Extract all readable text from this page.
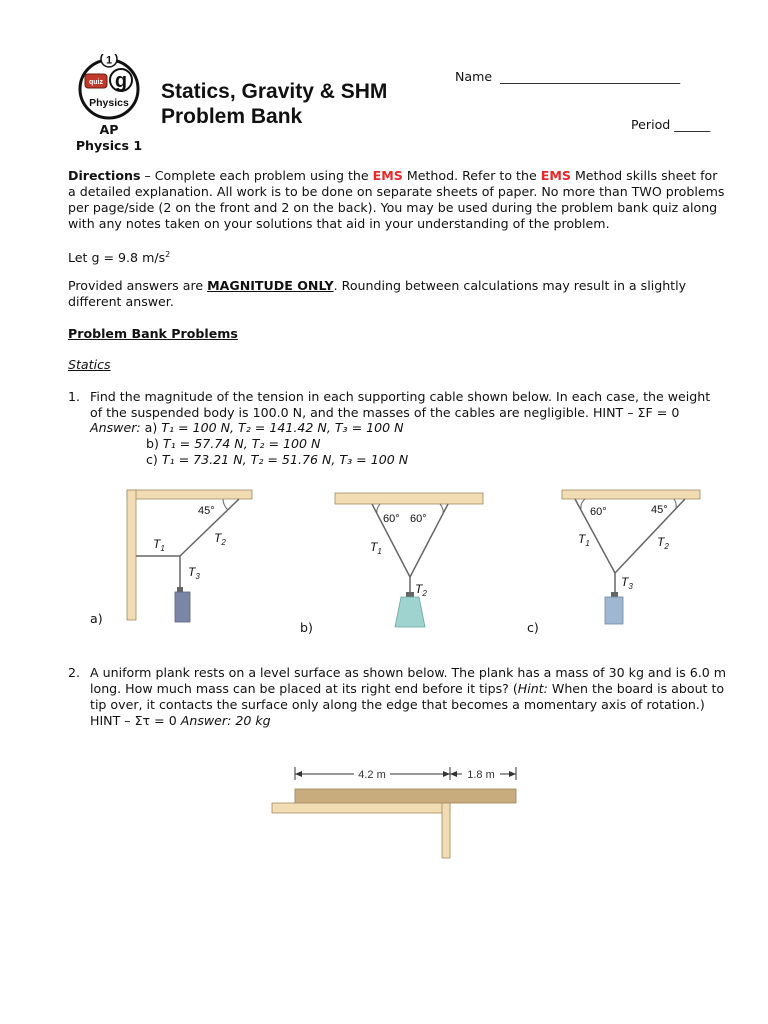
1
quiz g
Physics
AP
Physics 1
Statics, Gravity & SHM
Problem Bank
Name ______________________________
Period ______
Directions – Complete each problem using the EMS Method. Refer to the EMS Method skills sheet for a detailed explanation. All work is to be done on separate sheets of paper. No more than TWO problems per page/side (2 on the front and 2 on the back). You may be used during the problem bank quiz along with any notes taken on your solutions that aid in your understanding of the problem.
Let g = 9.8 $m/s^2$
Provided answers are MAGNITUDE ONLY. Rounding between calculations may result in a slightly different answer.
Problem Bank Problems
Statics
1. Find the magnitude of the tension in each supporting cable shown below. In each case, the weight of the suspended body is 100.0 N, and the masses of the cables are negligible. HINT – ΣF = 0
Answer: a) T₁ = 100 N, T₂ = 141.42 N, T₃ = 100 N
b) T₁ = 57.74 N, T₂ = 100 N
c) T₁ = 73.21 N, T₂ = 51.76 N, T₃ = 100 N
45°
$T_1$
$T_2$
$T_3$
a)
60° 60°
$T_1$
$T_2$
b)
60°	45°
$T_1$	$T_2$
$T_3$
c)
2. A uniform plank rests on a level surface as shown below. The plank has a mass of 30 kg and is 6.0 m long. How much mass can be placed at its right end before it tips? (Hint: When the board is about to tip over, it contacts the surface only along the edge that becomes a momentary axis of rotation.) HINT – Στ = 0 Answer: 20 kg
4.2 m	1.8 m
